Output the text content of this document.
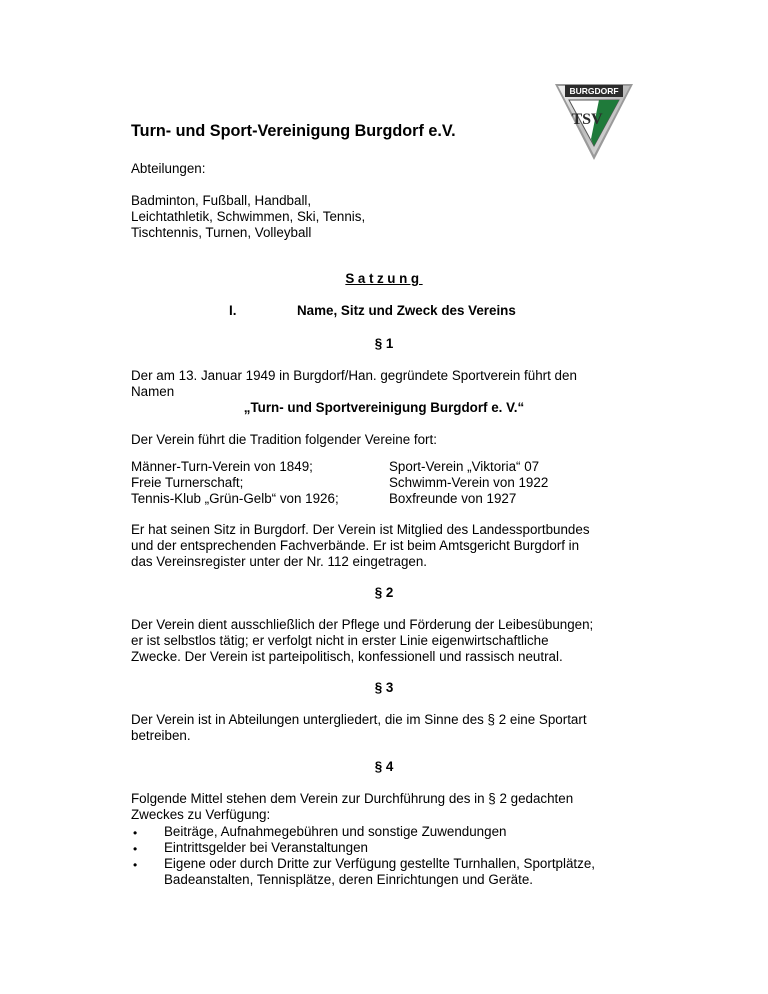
BURGDORF
TSV
Turn- und Sport-Vereinigung Burgdorf e.V.
Abteilungen:
Badminton, Fußball, Handball,
Leichtathletik, Schwimmen, Ski, Tennis,
Tischtennis, Turnen, Volleyball
Satzung
I.	Name, Sitz und Zweck des Vereins
§ 1
Der am 13. Januar 1949 in Burgdorf/Han. gegründete Sportverein führt den
Namen
„Turn- und Sportvereinigung Burgdorf e. V.“
Der Verein führt die Tradition folgender Vereine fort:
Männer-Turn-Verein von 1849;
Freie Turnerschaft;
Tennis-Klub „Grün-Gelb“ von 1926;
Sport-Verein „Viktoria“ 07
Schwimm-Verein von 1922
Boxfreunde von 1927
Er hat seinen Sitz in Burgdorf. Der Verein ist Mitglied des Landessportbundes
und der entsprechenden Fachverbände. Er ist beim Amtsgericht Burgdorf in
das Vereinsregister unter der Nr. 112 eingetragen.
§ 2
Der Verein dient ausschließlich der Pflege und Förderung der Leibesübungen;
er ist selbstlos tätig; er verfolgt nicht in erster Linie eigenwirtschaftliche
Zwecke. Der Verein ist parteipolitisch, konfessionell und rassisch neutral.
§ 3
Der Verein ist in Abteilungen untergliedert, die im Sinne des § 2 eine Sportart
betreiben.
§ 4
Folgende Mittel stehen dem Verein zur Durchführung des in § 2 gedachten
Zweckes zu Verfügung:
• Beiträge, Aufnahmegebühren und sonstige Zuwendungen
• Eintrittsgelder bei Veranstaltungen
• Eigene oder durch Dritte zur Verfügung gestellte Turnhallen, Sportplätze,
Badeanstalten, Tennisplätze, deren Einrichtungen und Geräte.
